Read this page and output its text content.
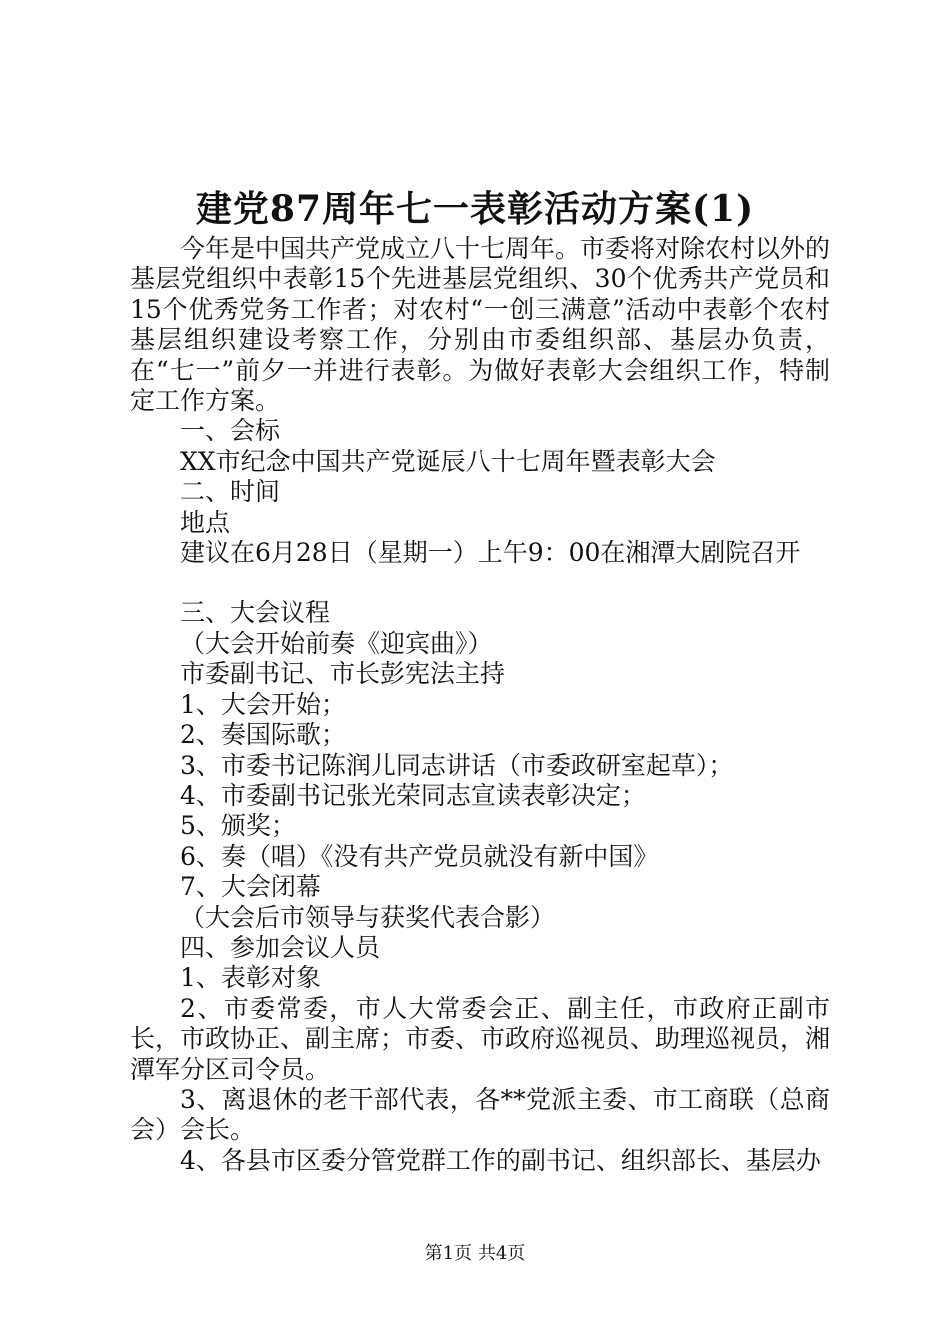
建党87周年七一表彰活动方案(1)

今年是中国共产党成立八十七周年。市委将对除农村以外的基层党组织中表彰15个先进基层党组织、30个优秀共产党员和15个优秀党务工作者；对农村“一创三满意”活动中表彰个农村基层组织建设考察工作，分别由市委组织部、基层办负责，在“七一”前夕一并进行表彰。为做好表彰大会组织工作，特制定工作方案。

一、会标

XX市纪念中国共产党诞辰八十七周年暨表彰大会

二、时间

地点

建议在6月28日（星期一）上午9：00在湘潭大剧院召开

三、大会议程

（大会开始前奏《迎宾曲》）

市委副书记、市长彭宪法主持

1、大会开始；

2、奏国际歌；

3、市委书记陈润儿同志讲话（市委政研室起草）；

4、市委副书记张光荣同志宣读表彰决定；

5、颁奖；

6、奏（唱）《没有共产党员就没有新中国》

7、大会闭幕

（大会后市领导与获奖代表合影）

四、参加会议人员

1、表彰对象

2、市委常委，市人大常委会正、副主任，市政府正副市长，市政协正、副主席；市委、市政府巡视员、助理巡视员，湘潭军分区司令员。

3、离退休的老干部代表，各**党派主委、市工商联（总商会）会长。

4、各县市区委分管党群工作的副书记、组织部长、基层办

第1页 共4页
